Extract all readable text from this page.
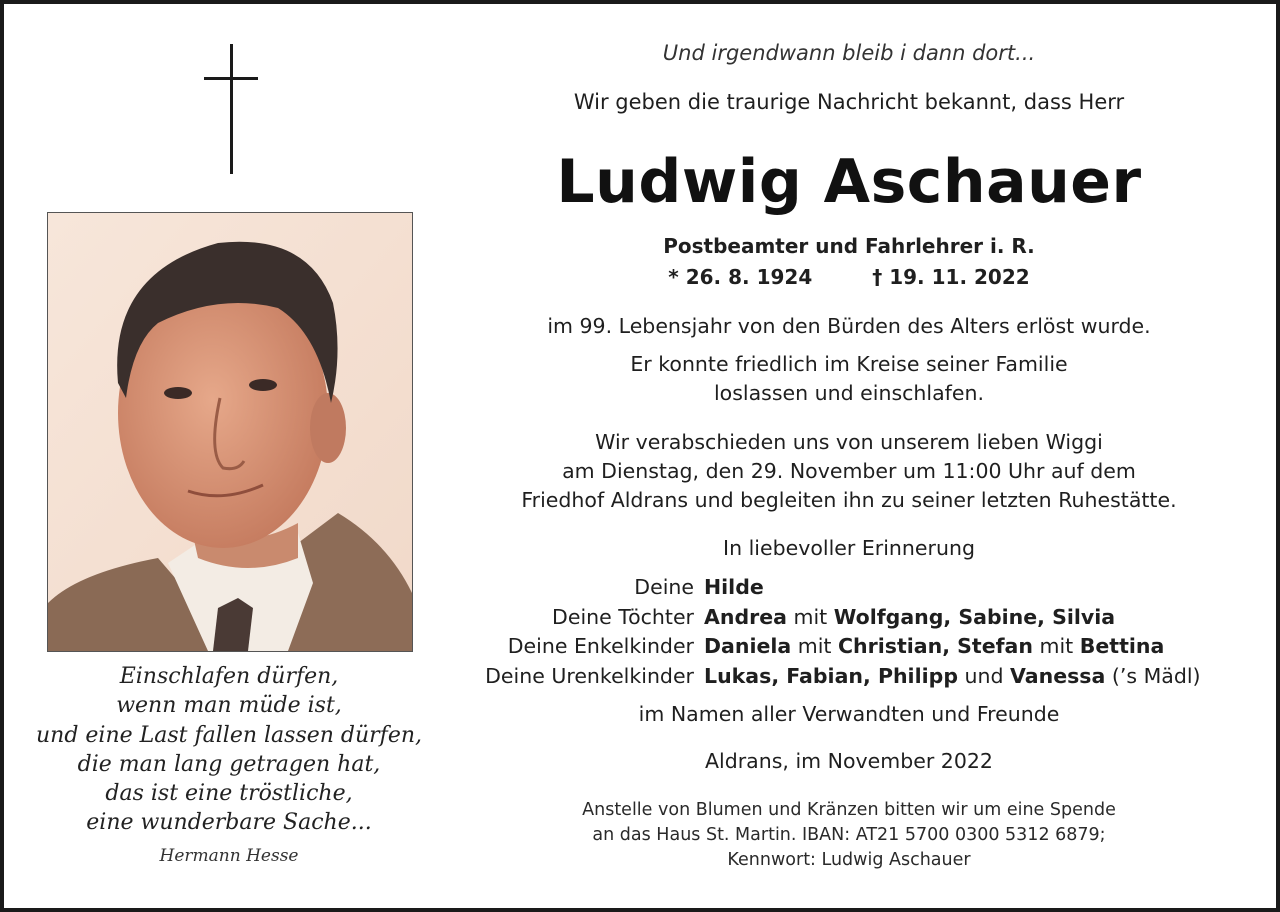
Einschlafen dürfen,
wenn man müde ist,
und eine Last fallen lassen dürfen,
die man lang getragen hat,
das ist eine tröstliche,
eine wunderbare Sache...
Hermann Hesse
Und irgendwann bleib i dann dort...
Wir geben die traurige Nachricht bekannt, dass Herr
Ludwig Aschauer
Postbeamter und Fahrlehrer i. R.
* 26. 8. 1924	† 19. 11. 2022
im 99. Lebensjahr von den Bürden des Alters erlöst wurde.
Er konnte friedlich im Kreise seiner Familie
loslassen und einschlafen.
Wir verabschieden uns von unserem lieben Wiggi
am Dienstag, den 29. November um 11:00 Uhr auf dem
Friedhof Aldrans und begleiten ihn zu seiner letzten Ruhestätte.
In liebevoller Erinnerung
Deine Hilde
Deine Töchter Andrea mit Wolfgang, Sabine, Silvia
Deine Enkelkinder Daniela mit Christian, Stefan mit Bettina
Deine Urenkelkinder Lukas, Fabian, Philipp und Vanessa (’s Mädl)
im Namen aller Verwandten und Freunde
Aldrans, im November 2022
Anstelle von Blumen und Kränzen bitten wir um eine Spende
an das Haus St. Martin. IBAN: AT21 5700 0300 5312 6879;
Kennwort: Ludwig Aschauer
